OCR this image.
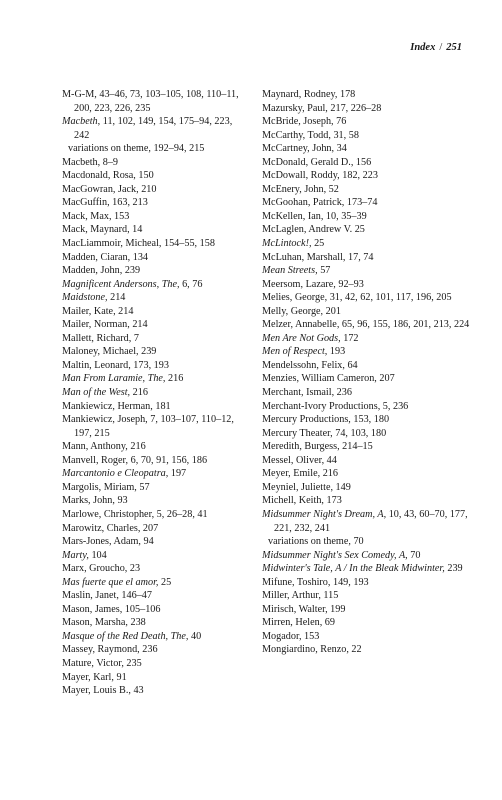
Index / 251
M-G-M, 43–46, 73, 103–105, 108, 110–11, 200, 223, 226, 235
Macbeth, 11, 102, 149, 154, 175–94, 223, 242
variations on theme, 192–94, 215
Macbeth, 8–9
Macdonald, Rosa, 150
MacGowran, Jack, 210
MacGuffin, 163, 213
Mack, Max, 153
Mack, Maynard, 14
MacLiammoir, Micheal, 154–55, 158
Madden, Ciaran, 134
Madden, John, 239
Magnificent Andersons, The, 6, 76
Maidstone, 214
Mailer, Kate, 214
Mailer, Norman, 214
Mallett, Richard, 7
Maloney, Michael, 239
Maltin, Leonard, 173, 193
Man From Laramie, The, 216
Man of the West, 216
Mankiewicz, Herman, 181
Mankiewicz, Joseph, 7, 103–107, 110–12, 197, 215
Mann, Anthony, 216
Manvell, Roger, 6, 70, 91, 156, 186
Marcantonio e Cleopatra, 197
Margolis, Miriam, 57
Marks, John, 93
Marlowe, Christopher, 5, 26–28, 41
Marowitz, Charles, 207
Mars-Jones, Adam, 94
Marty, 104
Marx, Groucho, 23
Mas fuerte que el amor, 25
Maslin, Janet, 146–47
Mason, James, 105–106
Mason, Marsha, 238
Masque of the Red Death, The, 40
Massey, Raymond, 236
Mature, Victor, 235
Mayer, Karl, 91
Mayer, Louis B., 43
Maynard, Rodney, 178
Mazursky, Paul, 217, 226–28
McBride, Joseph, 76
McCarthy, Todd, 31, 58
McCartney, John, 34
McDonald, Gerald D., 156
McDowall, Roddy, 182, 223
McEnery, John, 52
McGoohan, Patrick, 173–74
McKellen, Ian, 10, 35–39
McLaglen, Andrew V. 25
McLintock!, 25
McLuhan, Marshall, 17, 74
Mean Streets, 57
Meersom, Lazare, 92–93
Melies, George, 31, 42, 62, 101, 117, 196, 205
Melly, George, 201
Melzer, Annabelle, 65, 96, 155, 186, 201, 213, 224
Men Are Not Gods, 172
Men of Respect, 193
Mendelssohn, Felix, 64
Menzies, William Cameron, 207
Merchant, Ismail, 236
Merchant-Ivory Productions, 5, 236
Mercury Productions, 153, 180
Mercury Theater, 74, 103, 180
Meredith, Burgess, 214–15
Messel, Oliver, 44
Meyer, Emile, 216
Meyniel, Juliette, 149
Michell, Keith, 173
Midsummer Night's Dream, A, 10, 43, 60–70, 177, 221, 232, 241
variations on theme, 70
Midsummer Night's Sex Comedy, A, 70
Midwinter's Tale, A / In the Bleak Midwinter, 239
Mifune, Toshiro, 149, 193
Miller, Arthur, 115
Mirisch, Walter, 199
Mirren, Helen, 69
Mogador, 153
Mongiardino, Renzo, 22
